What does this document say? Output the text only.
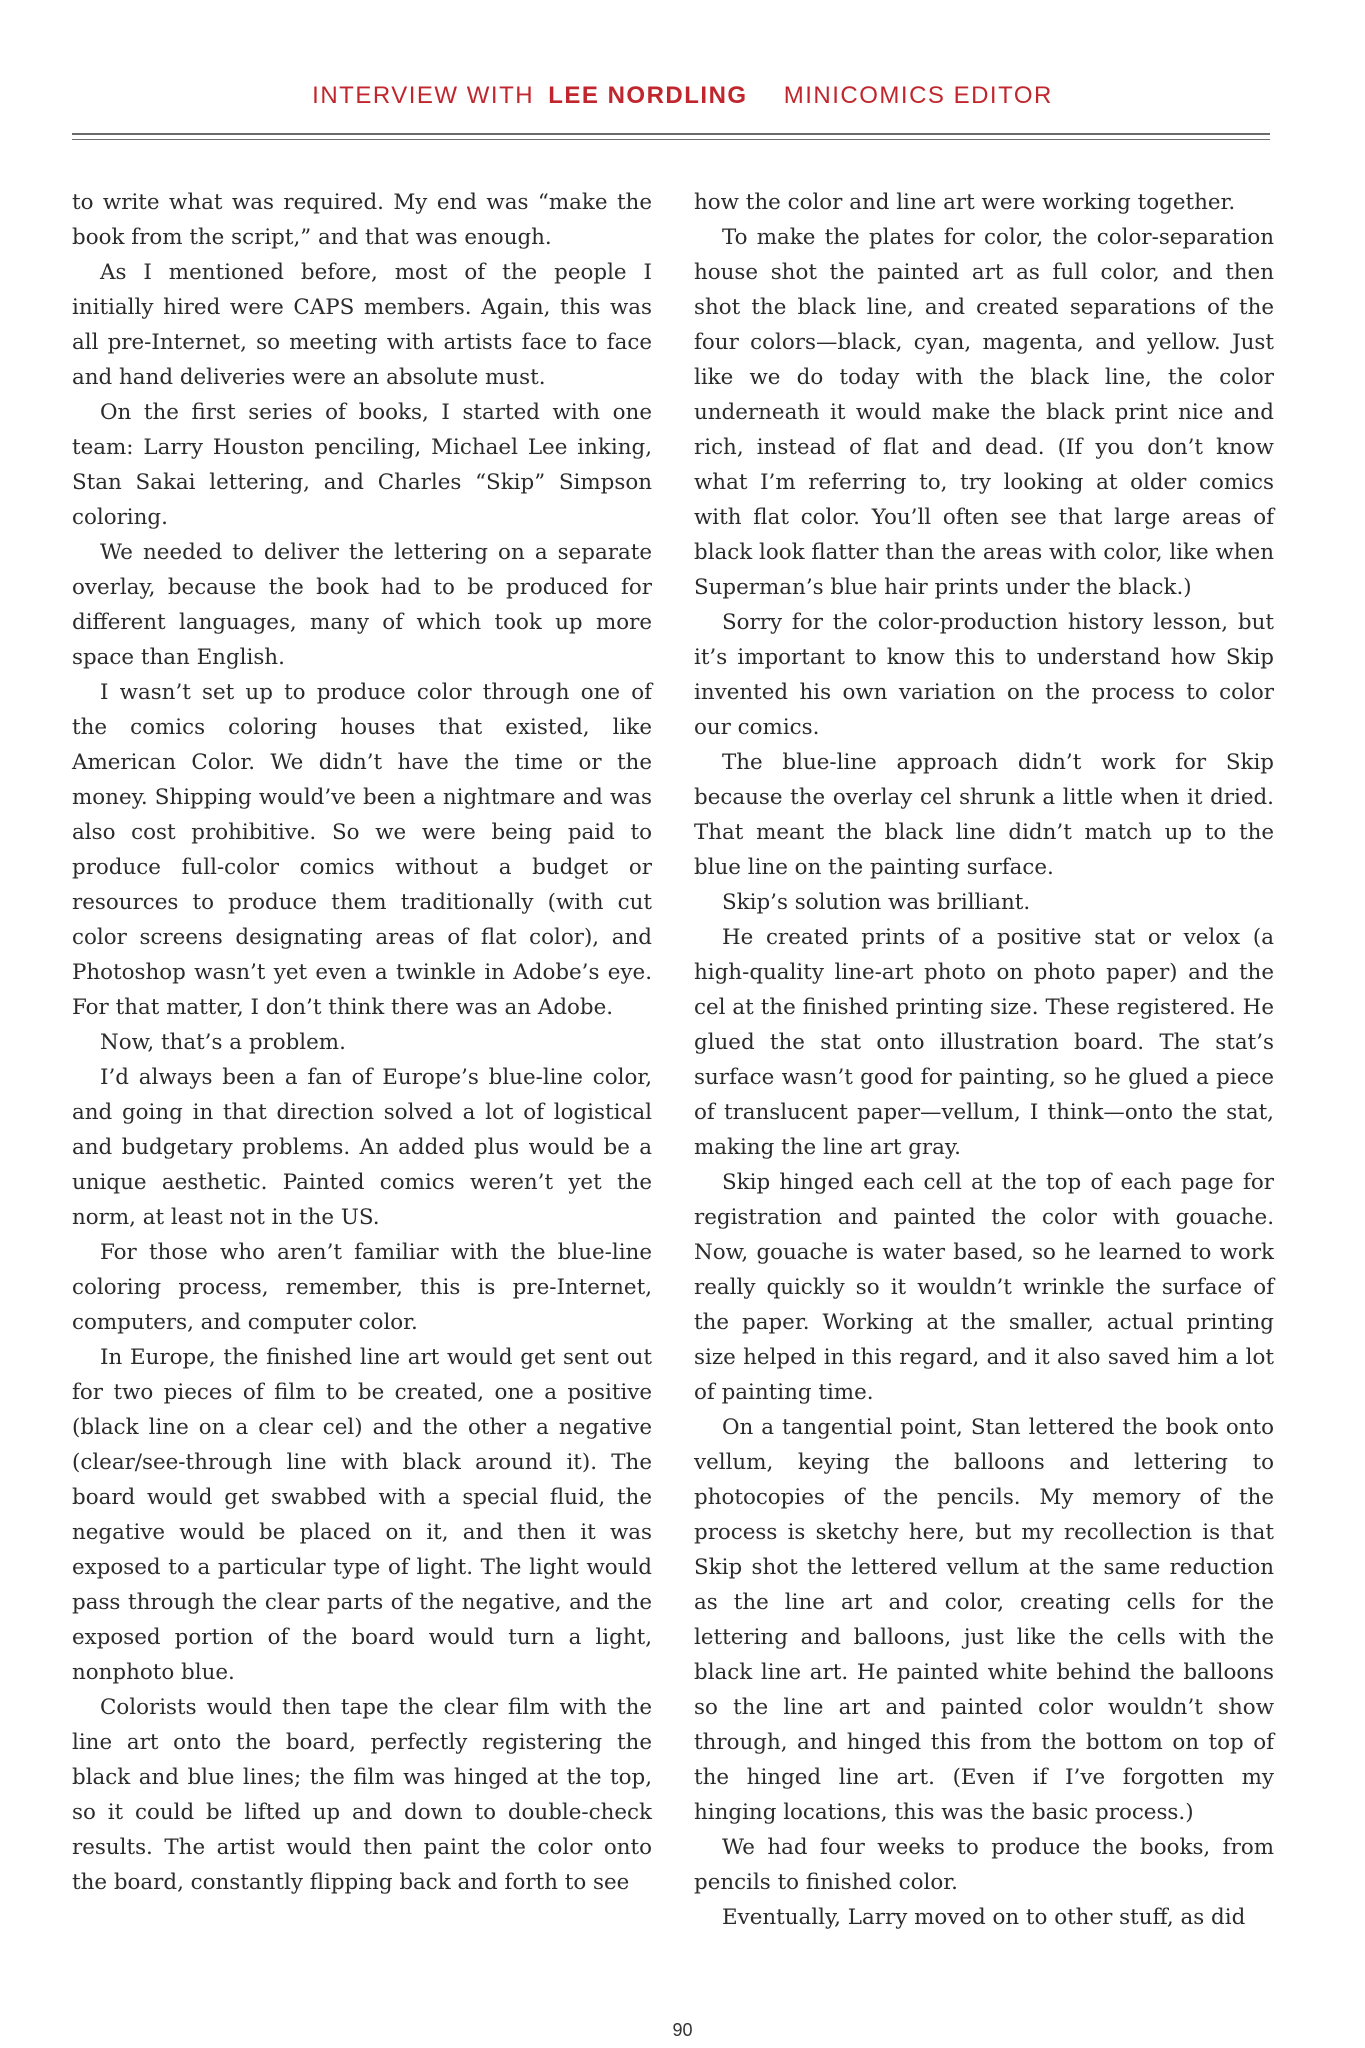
INTERVIEW WITH LEE NORDLING MINICOMICS EDITOR

to write what was required. My end was “make the book from the script,” and that was enough.

As I mentioned before, most of the people I initially hired were CAPS members. Again, this was all pre-Internet, so meeting with artists face to face and hand deliveries were an absolute must.

On the first series of books, I started with one team: Larry Houston penciling, Michael Lee inking, Stan Sakai lettering, and Charles “Skip” Simpson coloring.

We needed to deliver the lettering on a separate overlay, because the book had to be produced for different languages, many of which took up more space than English.

I wasn’t set up to produce color through one of the comics coloring houses that existed, like American Color. We didn’t have the time or the money. Shipping would’ve been a nightmare and was also cost prohibitive. So we were being paid to produce full-color comics without a budget or resources to produce them traditionally (with cut color screens designating areas of flat color), and Photoshop wasn’t yet even a twinkle in Adobe’s eye. For that matter, I don’t think there was an Adobe.

Now, that’s a problem.

I’d always been a fan of Europe’s blue-line color, and going in that direction solved a lot of logistical and budgetary problems. An added plus would be a unique aesthetic. Painted comics weren’t yet the norm, at least not in the US.

For those who aren’t familiar with the blue-line coloring process, remember, this is pre-Internet, computers, and computer color.

In Europe, the finished line art would get sent out for two pieces of film to be created, one a positive (black line on a clear cel) and the other a negative (clear/see-through line with black around it). The board would get swabbed with a special fluid, the negative would be placed on it, and then it was exposed to a particular type of light. The light would pass through the clear parts of the negative, and the exposed portion of the board would turn a light, nonphoto blue.

Colorists would then tape the clear film with the line art onto the board, perfectly registering the black and blue lines; the film was hinged at the top, so it could be lifted up and down to double-check results. The artist would then paint the color onto the board, constantly flipping back and forth to see

how the color and line art were working together.

To make the plates for color, the color-separation house shot the painted art as full color, and then shot the black line, and created separations of the four colors—black, cyan, magenta, and yellow. Just like we do today with the black line, the color underneath it would make the black print nice and rich, instead of flat and dead. (If you don’t know what I’m referring to, try looking at older comics with flat color. You’ll often see that large areas of black look flatter than the areas with color, like when Superman’s blue hair prints under the black.)

Sorry for the color-production history lesson, but it’s important to know this to understand how Skip invented his own variation on the process to color our comics.

The blue-line approach didn’t work for Skip because the overlay cel shrunk a little when it dried. That meant the black line didn’t match up to the blue line on the painting surface.

Skip’s solution was brilliant.

He created prints of a positive stat or velox (a high-quality line-art photo on photo paper) and the cel at the finished printing size. These registered. He glued the stat onto illustration board. The stat’s surface wasn’t good for painting, so he glued a piece of translucent paper—vellum, I think—onto the stat, making the line art gray.

Skip hinged each cell at the top of each page for registration and painted the color with gouache. Now, gouache is water based, so he learned to work really quickly so it wouldn’t wrinkle the surface of the paper. Working at the smaller, actual printing size helped in this regard, and it also saved him a lot of painting time.

On a tangential point, Stan lettered the book onto vellum, keying the balloons and lettering to photocopies of the pencils. My memory of the process is sketchy here, but my recollection is that Skip shot the lettered vellum at the same reduction as the line art and color, creating cells for the lettering and balloons, just like the cells with the black line art. He painted white behind the balloons so the line art and painted color wouldn’t show through, and hinged this from the bottom on top of the hinged line art. (Even if I’ve forgotten my hinging locations, this was the basic process.)

We had four weeks to produce the books, from pencils to finished color.

Eventually, Larry moved on to other stuff, as did

90
